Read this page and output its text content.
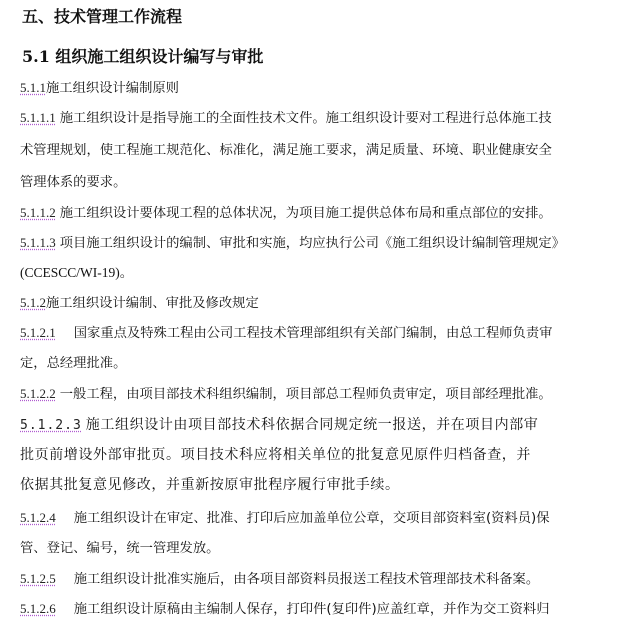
五、技术管理工作流程
5.1 组织施工组织设计编写与审批
5.1.1施工组织设计编制原则
5.1.1.1 施工组织设计是指导施工的全面性技术文件。施工组织设计要对工程进行总体施工技
术管理规划，使工程施工规范化、标准化，满足施工要求，满足质量、环境、职业健康安全
管理体系的要求。
5.1.1.2 施工组织设计要体现工程的总体状况，为项目施工提供总体布局和重点部位的安排。
5.1.1.3 项目施工组织设计的编制、审批和实施，均应执行公司《施工组织设计编制管理规定》
(CCESCC/WI-19)。
5.1.2施工组织设计编制、审批及修改规定
5.1.2.1 国家重点及特殊工程由公司工程技术管理部组织有关部门编制，由总工程师负责审
定，总经理批准。
5.1.2.2 一般工程，由项目部技术科组织编制，项目部总工程师负责审定，项目部经理批准。
5.1.2.3 施工组织设计由项目部技术科依据合同规定统一报送，并在项目内部审
批页前增设外部审批页。项目技术科应将相关单位的批复意见原件归档备查，并
依据其批复意见修改，并重新按原审批程序履行审批手续。
5.1.2.4 施工组织设计在审定、批准、打印后应加盖单位公章，交项目部资料室(资料员)保
管、登记、编号，统一管理发放。
5.1.2.5 施工组织设计批准实施后，由各项目部资料员报送工程技术管理部技术科备案。
5.1.2.6 施工组织设计原稿由主编制人保存，打印件(复印件)应盖红章，并作为交工资料归
